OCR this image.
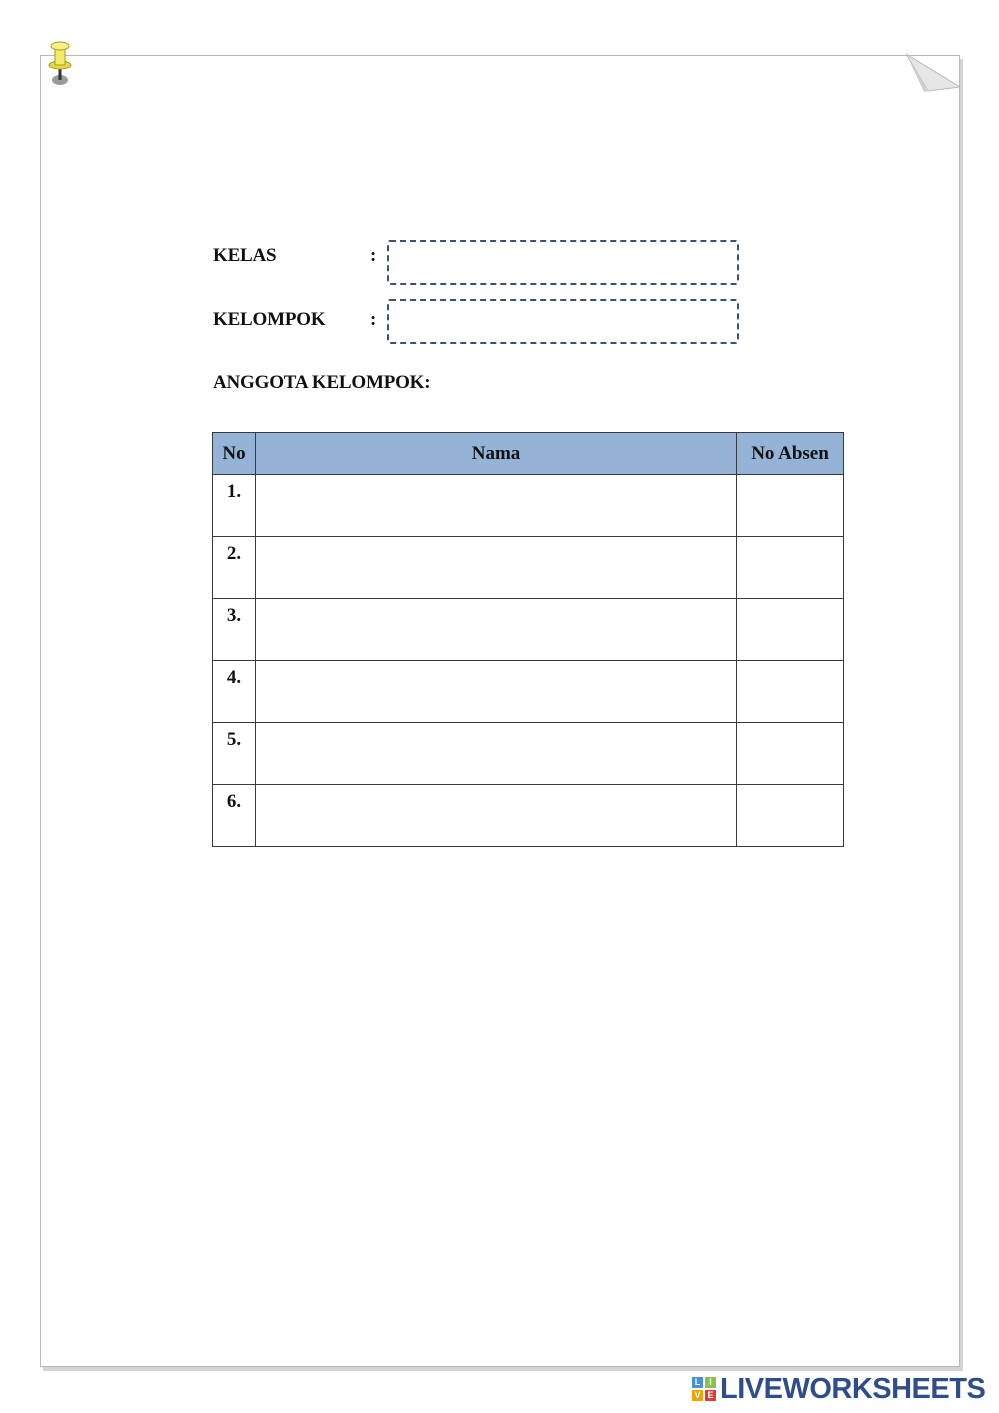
KELAS	:
KELOMPOK :
ANGGOTA KELOMPOK:
No	Nama	No Absen
1.		
2.		
3.		
4.		
5.		
6.		
L I
V E LIVEWORKSHEETS
